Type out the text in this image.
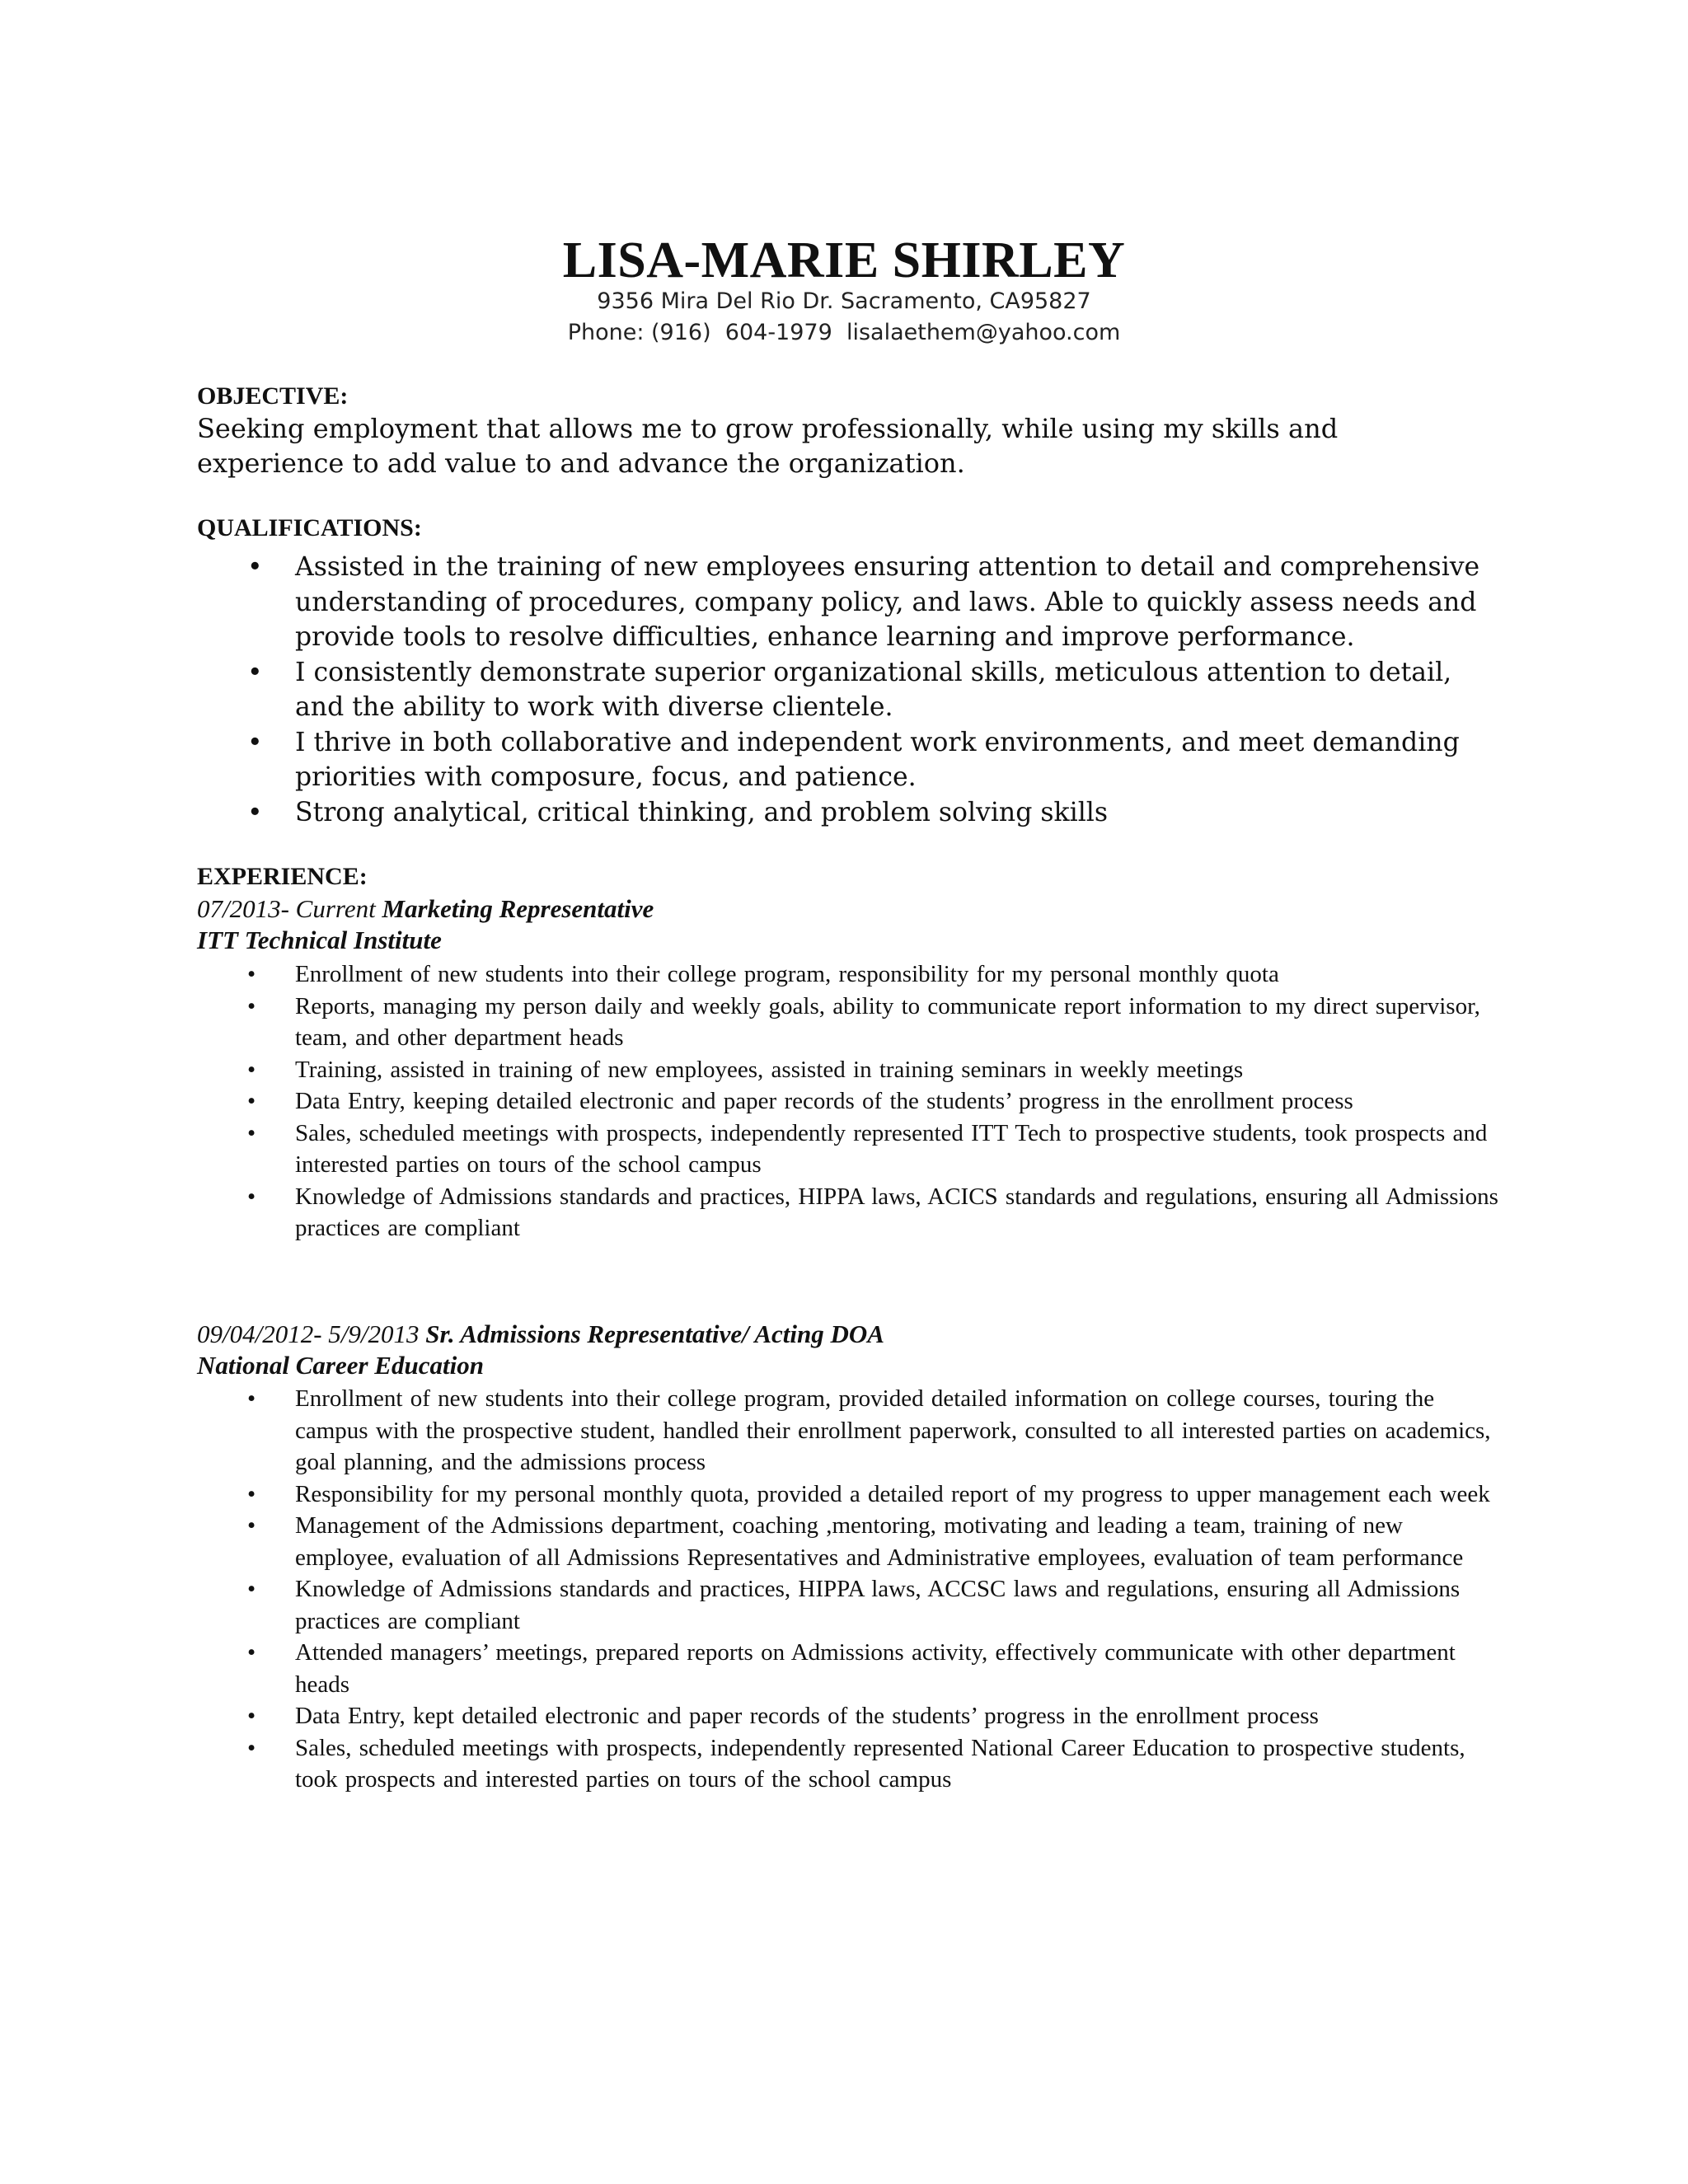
LISA-MARIE SHIRLEY
9356 Mira Del Rio Dr. Sacramento, CA95827
Phone: (916)  604-1979 lisalaethem@yahoo.com
OBJECTIVE:
Seeking employment that allows me to grow professionally, while using my skills and experience to add value to and advance the organization.
QUALIFICATIONS:
• Assisted in the training of new employees ensuring attention to detail and comprehensive understanding of procedures, company policy, and laws. Able to quickly assess needs and provide tools to resolve difficulties, enhance learning and improve performance.
• I consistently demonstrate superior organizational skills, meticulous attention to detail, and the ability to work with diverse clientele.
• I thrive in both collaborative and independent work environments, and meet demanding priorities with composure, focus, and patience.
• Strong analytical, critical thinking, and problem solving skills
EXPERIENCE:
07/2013- Current Marketing Representative
ITT Technical Institute
• Enrollment of new students into their college program, responsibility for my personal monthly quota
• Reports, managing my person daily and weekly goals, ability to communicate report information to my direct supervisor, team, and other department heads
• Training, assisted in training of new employees, assisted in training seminars in weekly meetings
• Data Entry, keeping detailed electronic and paper records of the students’ progress in the enrollment process
• Sales, scheduled meetings with prospects, independently represented ITT Tech to prospective students, took prospects and interested parties on tours of the school campus
• Knowledge of Admissions standards and practices, HIPPA laws, ACICS standards and regulations, ensuring all Admissions practices are compliant
09/04/2012- 5/9/2013 Sr. Admissions Representative/ Acting DOA
National Career Education
• Enrollment of new students into their college program, provided detailed information on college courses, touring the campus with the prospective student, handled their enrollment paperwork, consulted to all interested parties on academics, goal planning, and the admissions process
• Responsibility for my personal monthly quota, provided a detailed report of my progress to upper management each week
• Management of the Admissions department, coaching ,mentoring, motivating and leading a team, training of new employee, evaluation of all Admissions Representatives and Administrative employees, evaluation of team performance
• Knowledge of Admissions standards and practices, HIPPA laws, ACCSC laws and regulations, ensuring all Admissions practices are compliant
• Attended managers’ meetings, prepared reports on Admissions activity, effectively communicate with other department heads
• Data Entry, kept detailed electronic and paper records of the students’ progress in the enrollment process
• Sales, scheduled meetings with prospects, independently represented National Career Education to prospective students, took prospects and interested parties on tours of the school campus
